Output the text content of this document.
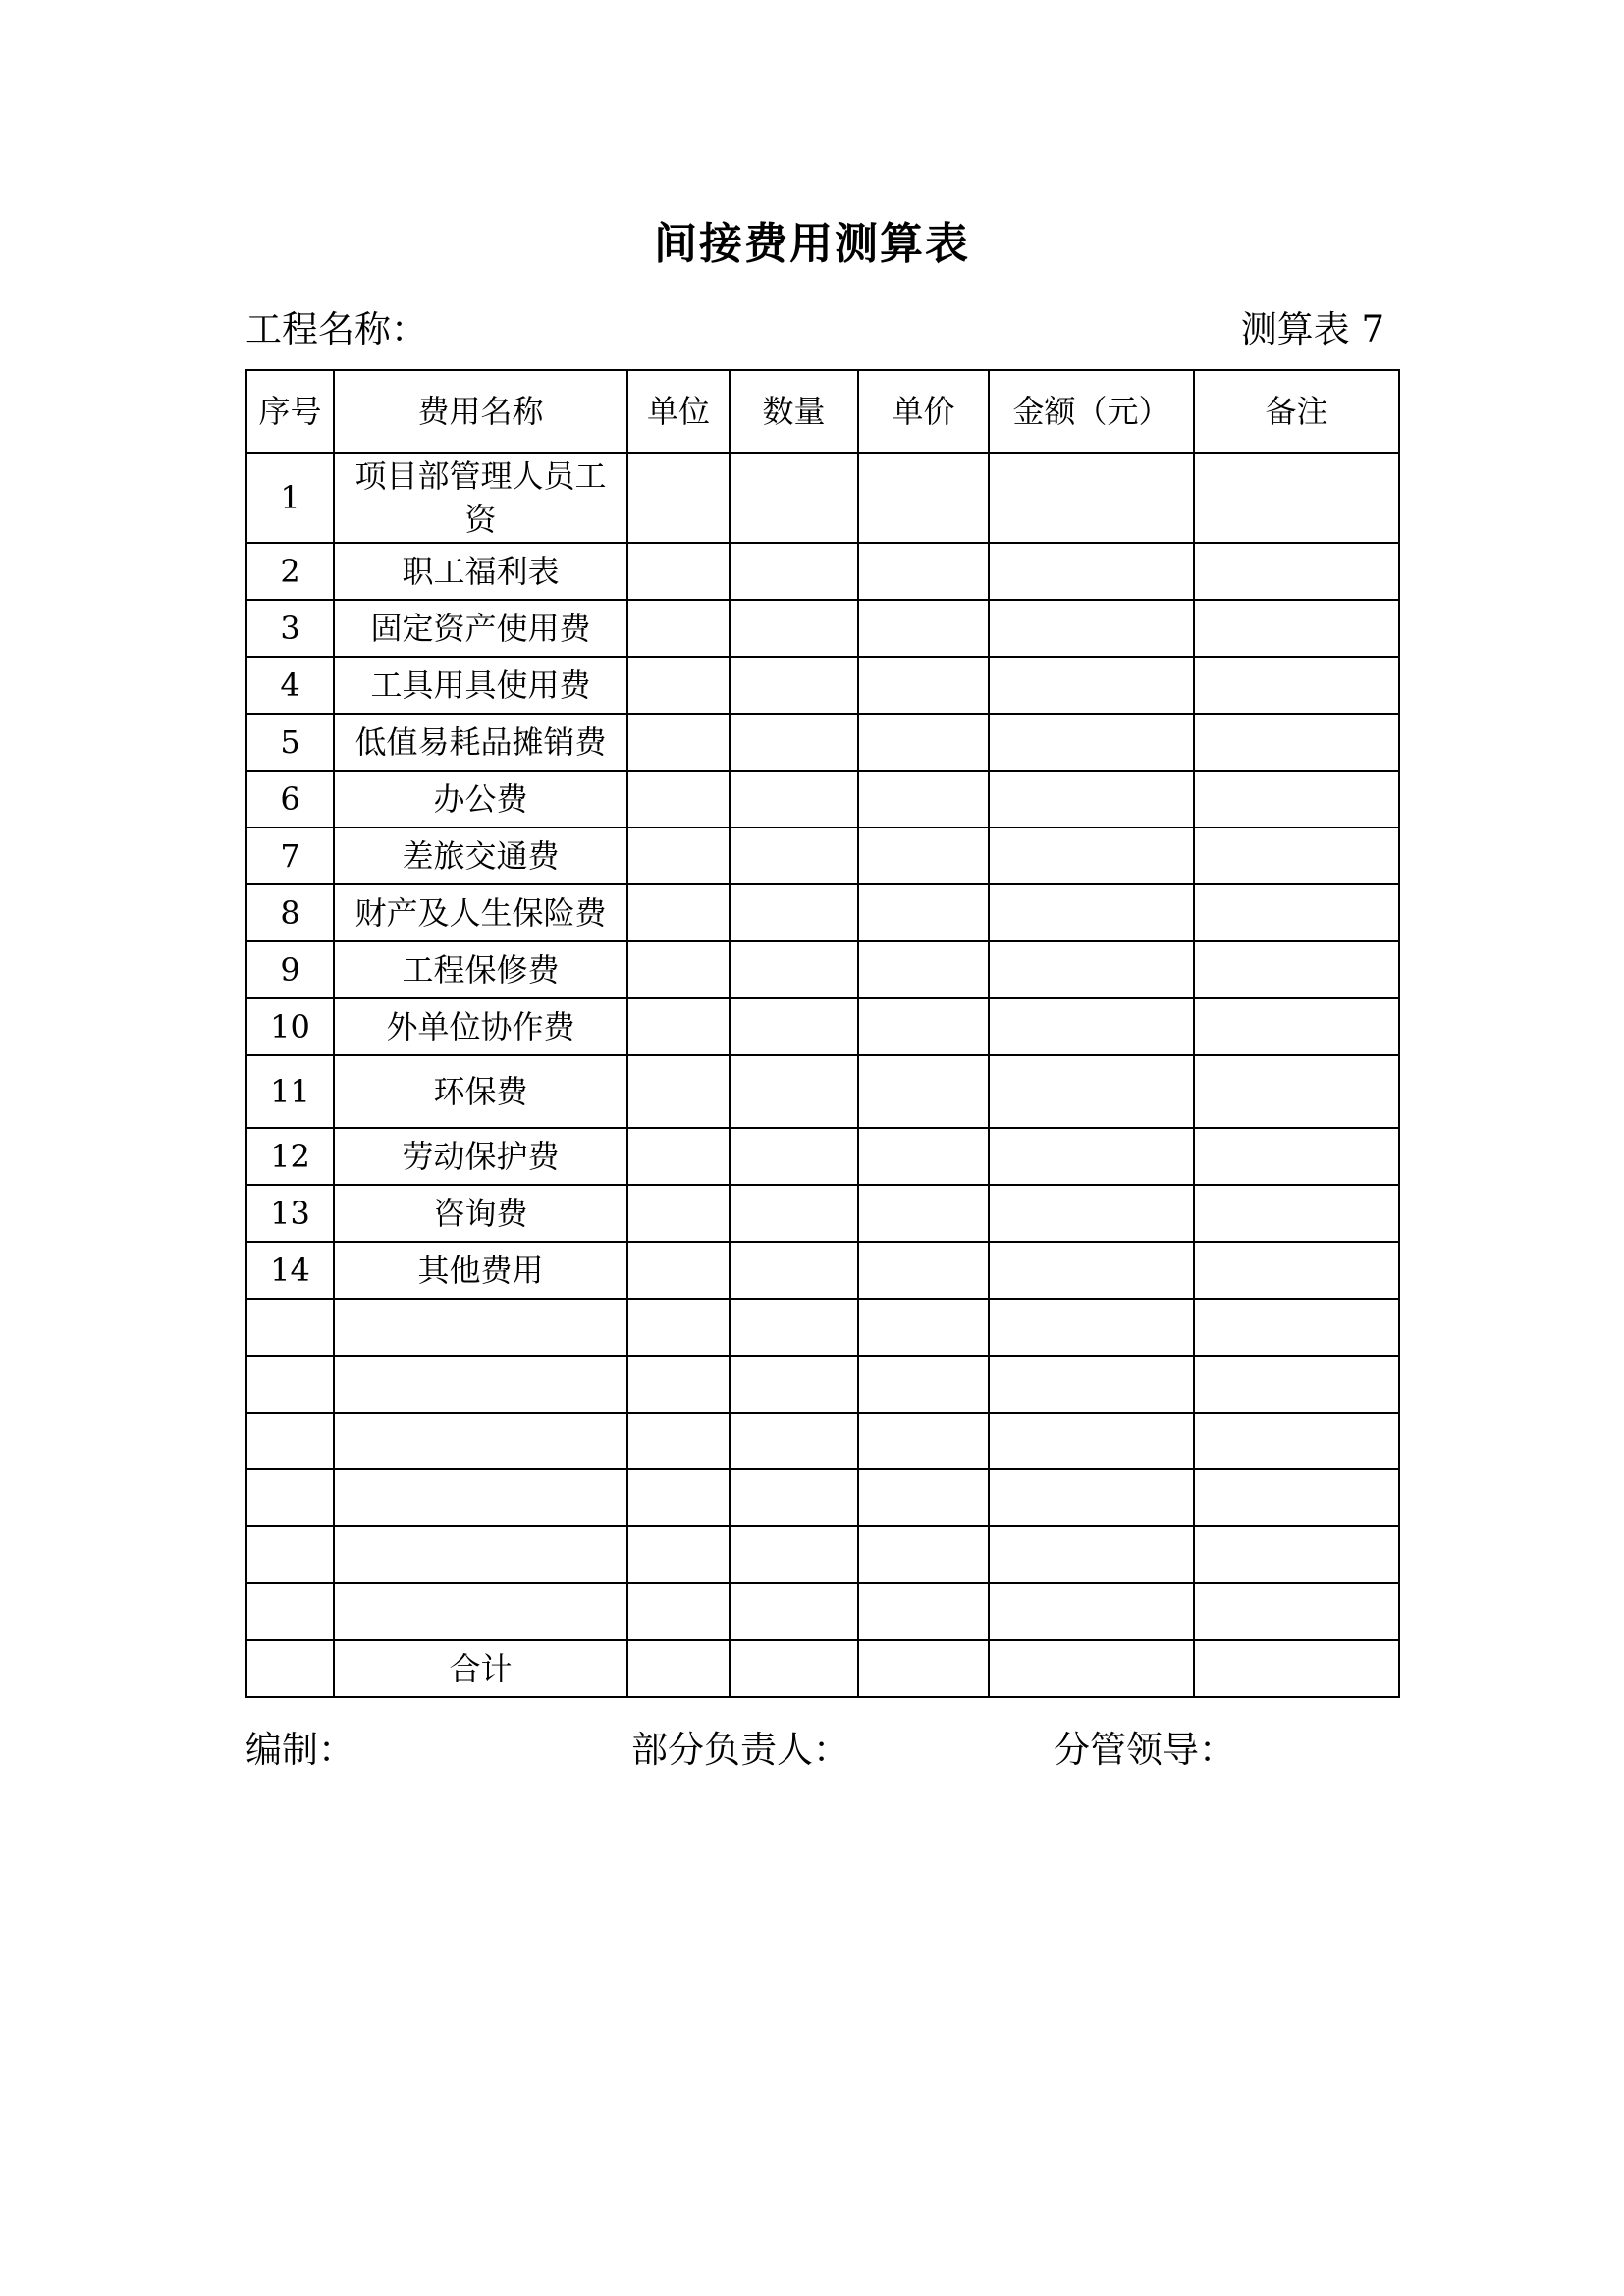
间接费用测算表
工程名称：	测算表 7
序号	费用名称	单位	数量	单价	金额（元）	备注
1	项目部管理人员工资					
2	职工福利表					
3	固定资产使用费					
4	工具用具使用费					
5	低值易耗品摊销费					
6	办公费					
7	差旅交通费					
8	财产及人生保险费					
9	工程保修费					
10	外单位协作费					
11	环保费					
12	劳动保护费					
13	咨询费					
14	其他费用					

	合计					
编制：	部分负责人：	分管领导：
